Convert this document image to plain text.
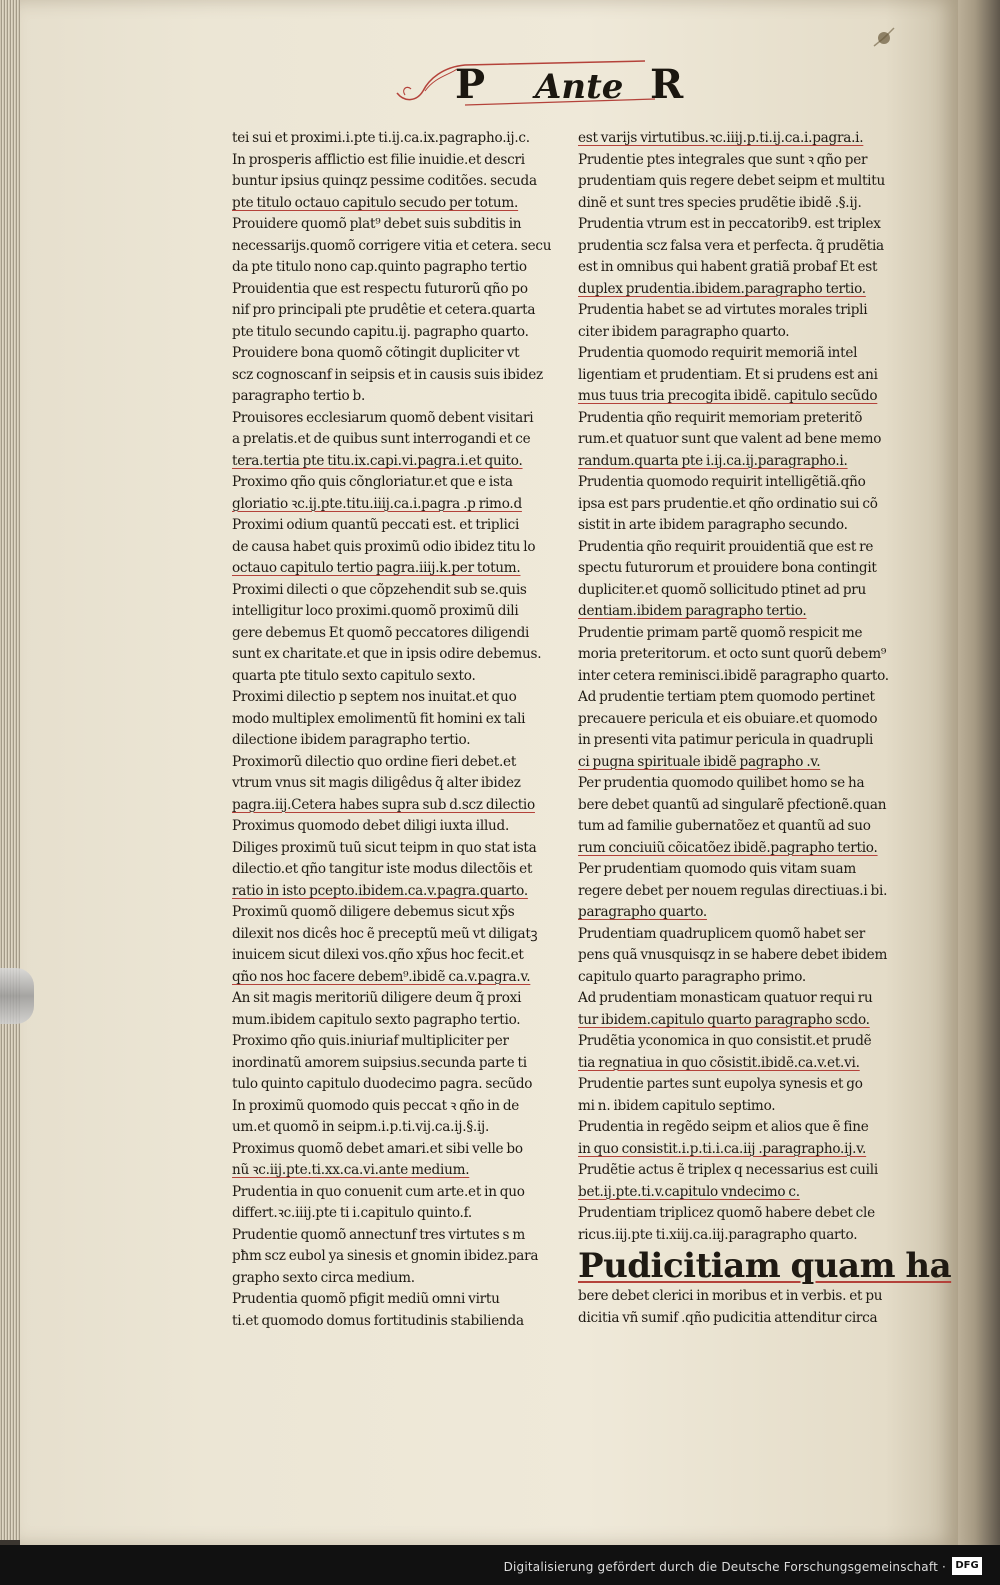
P Ante R

tei sui et proximi.i.pte ti.ij.ca.ix.pagrapho.ij.c.

In prosperis afflictio est filie inuidie.et descri

buntur ipsius quinqz pessime coditões. secuda

pte titulo octauo capitulo secudo per totum.

Prouidere quomõ plat⁹ debet suis subditis in

necessarijs.quomõ corrigere vitia et cetera. secu

da pte titulo nono cap.quinto pagrapho tertio

Prouidentia que est respectu futurorũ qño po

nif pro principali pte prudêtie et cetera.quarta

pte titulo secundo capitu.ij. pagrapho quarto.

Prouidere bona quomõ cõtingit dupliciter vt

scz cognoscanf in seipsis et in causis suis ibidez

paragrapho tertio b.

Prouisores ecclesiarum quomõ debent visitari

a prelatis.et de quibus sunt interrogandi et ce

tera.tertia pte titu.ix.capi.vi.pagra.i.et quito.

Proximo qño quis cõngloriatur.et que e ista

gloriatio ꝛc.ij.pte.titu.iiij.ca.i.pagra .p rimo.d

Proximi odium quantũ peccati est. et triplici

de causa habet quis proximũ odio ibidez titu lo

octauo capitulo tertio pagra.iiij.k.per totum.

Proximi dilecti o que cõpzehendit sub se.quis

intelligitur loco proximi.quomõ proximũ dili

gere debemus Et quomõ peccatores diligendi

sunt ex charitate.et que in ipsis odire debemus.

quarta pte titulo sexto capitulo sexto.

Proximi dilectio p septem nos inuitat.et quo

modo multiplex emolimentũ fit homini ex tali

dilectione ibidem paragrapho tertio.

Proximorũ dilectio quo ordine fieri debet.et

vtrum vnus sit magis diligêdus q̃ alter ibidez

pagra.iij.Cetera habes supra sub d.scz dilectio

Proximus quomodo debet diligi iuxta illud.

Diliges proximũ tuũ sicut teipm in quo stat ista

dilectio.et qño tangitur iste modus dilectõis et

ratio in isto pcepto.ibidem.ca.v.pagra.quarto.

Proximũ quomõ diligere debemus sicut xp̃s

dilexit nos dicês hoc ẽ preceptũ meũ vt diligatꝫ

inuicem sicut dilexi vos.qño xp̃us hoc fecit.et

qño nos hoc facere debem⁹.ibidẽ ca.v.pagra.v.

An sit magis meritoriũ diligere deum q̃ proxi

mum.ibidem capitulo sexto pagrapho tertio.

Proximo qño quis.iniuriaf multipliciter per

inordinatũ amorem suipsius.secunda parte ti

tulo quinto capitulo duodecimo pagra. secũdo

In proximũ quomodo quis peccat ꝛ qño in de

um.et quomõ in seipm.i.p.ti.vij.ca.ij.§.ij.

Proximus quomõ debet amari.et sibi velle bo

nũ ꝛc.iij.pte.ti.xx.ca.vi.ante medium.

Prudentia in quo conuenit cum arte.et in quo

differt.ꝛc.iiij.pte ti i.capitulo quinto.f.

Prudentie quomõ annectunf tres virtutes s m

pħm scz eubol ya sinesis et gnomin ibidez.para

grapho sexto circa medium.

Prudentia quomõ pfigit mediũ omni virtu

ti.et quomodo domus fortitudinis stabilienda

est varijs virtutibus.ꝛc.iiij.p.ti.ij.ca.i.pagra.i.

Prudentie ptes integrales que sunt ꝛ qño per

prudentiam quis regere debet seipm et multitu

dinẽ et sunt tres species prudẽtie ibidẽ .§.ij.

Prudentia vtrum est in peccatorib9. est triplex

prudentia scz falsa vera et perfecta. q̃ prudẽtia

est in omnibus qui habent gratiã probaf Et est

duplex prudentia.ibidem.paragrapho tertio.

Prudentia habet se ad virtutes morales tripli

citer ibidem paragrapho quarto.

Prudentia quomodo requirit memoriã intel

ligentiam et prudentiam. Et si prudens est ani

mus tuus tria precogita ibidẽ. capitulo secũdo

Prudentia qño requirit memoriam preteritõ

rum.et quatuor sunt que valent ad bene memo

randum.quarta pte i.ij.ca.ij.paragrapho.i.

Prudentia quomodo requirit intelligẽtiã.qño

ipsa est pars prudentie.et qño ordinatio sui cõ

sistit in arte ibidem paragrapho secundo.

Prudentia qño requirit prouidentiã que est re

spectu futurorum et prouidere bona contingit

dupliciter.et quomõ sollicitudo ptinet ad pru

dentiam.ibidem paragrapho tertio.

Prudentie primam partẽ quomõ respicit me

moria preteritorum. et octo sunt quorũ debem⁹

inter cetera reminisci.ibidẽ paragrapho quarto.

Ad prudentie tertiam ptem quomodo pertinet

precauere pericula et eis obuiare.et quomodo

in presenti vita patimur pericula in quadrupli

ci pugna spirituale ibidẽ pagrapho .v.

Per prudentia quomodo quilibet homo se ha

bere debet quantũ ad singularẽ pfectionẽ.quan

tum ad familie gubernatõez et quantũ ad suo

rum conciuiũ cõicatõez ibidẽ.pagrapho tertio.

Per prudentiam quomodo quis vitam suam

regere debet per nouem regulas directiuas.i bi.

paragrapho quarto.

Prudentiam quadruplicem quomõ habet ser

pens quã vnusquisqz in se habere debet ibidem

capitulo quarto paragrapho primo.

Ad prudentiam monasticam quatuor requi ru

tur ibidem.capitulo quarto paragrapho scdo.

Prudẽtia yconomica in quo consistit.et prudẽ

tia regnatiua in quo cõsistit.ibidẽ.ca.v.et.vi.

Prudentie partes sunt eupolya synesis et go

mi n. ibidem capitulo septimo.

Prudentia in regẽdo seipm et alios que ẽ fine

in quo consistit.i.p.ti.i.ca.iij .paragrapho.ij.v.

Prudẽtie actus ẽ triplex q necessarius est cuili

bet.ij.pte.ti.v.capitulo vndecimo c.

Prudentiam triplicez quomõ habere debet cle

ricus.iij.pte ti.xiij.ca.iij.paragrapho quarto.

Pudicitiam quam ha

bere debet clerici in moribus et in verbis. et pu

dicitia vñ sumif .qño pudicitia attenditur circa

Digitalisierung gefördert durch die Deutsche Forschungsgemeinschaft · DFG
